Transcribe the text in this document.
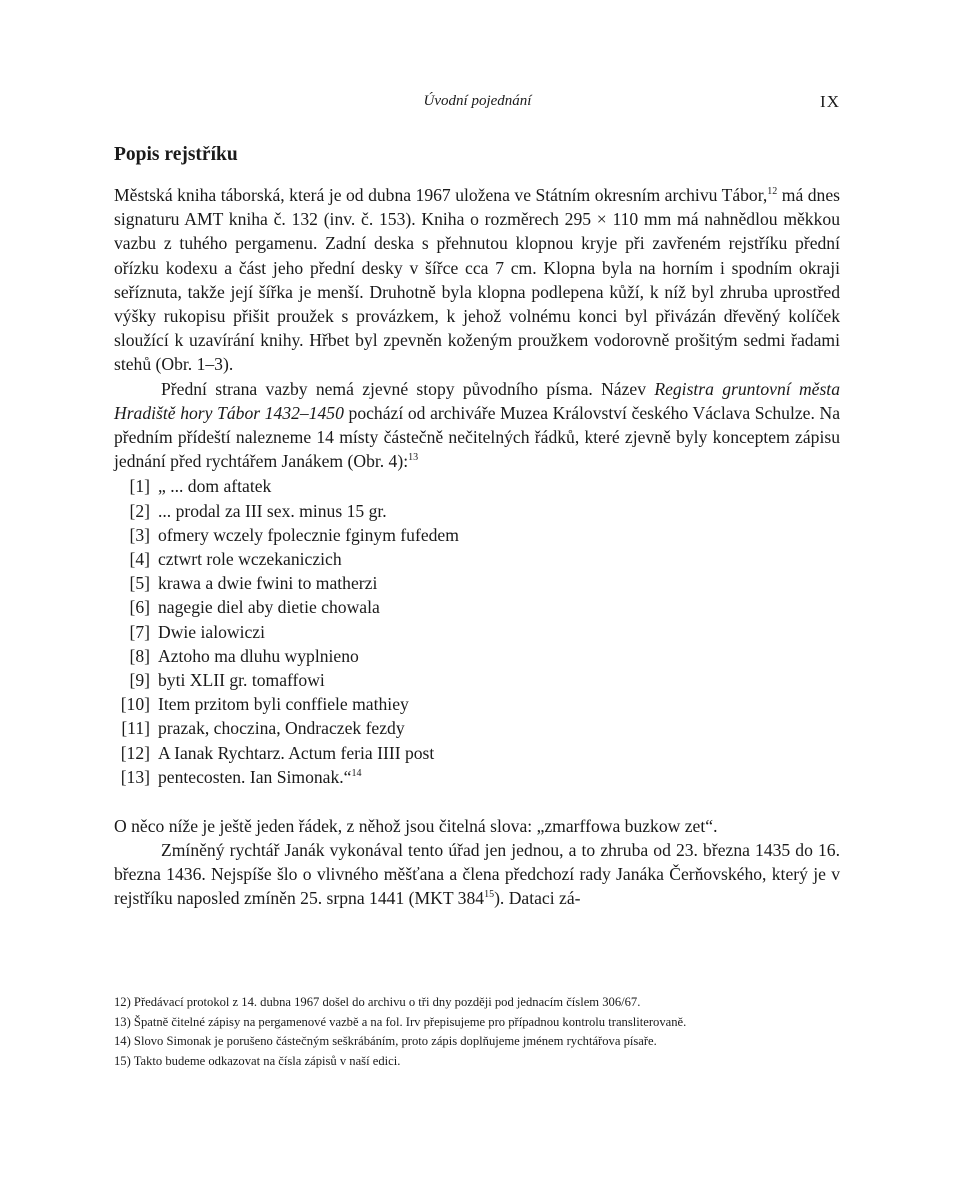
Úvodní pojednání	IX
Popis rejstříku

Městská kniha táborská, která je od dubna 1967 uložena ve Státním okresním archivu Tábor,$^{12}$ má dnes signaturu AMT kniha č. 132 (inv. č. 153). Kniha o rozměrech 295 × 110 mm má nahnědlou měkkou vazbu z tuhého pergamenu. Zadní deska s přehnutou klopnou kryje při zavřeném rejstříku přední ořízku kodexu a část jeho přední desky v šířce cca 7 cm. Klopna byla na horním i spodním okraji seříznuta, takže její šířka je menší. Druhotně byla klopna podlepena kůží, k níž byl zhruba uprostřed výšky rukopisu přišit proužek s provázkem, k jehož volnému konci byl přivázán dřevěný kolíček sloužící k uzavírání knihy. Hřbet byl zpevněn koženým proužkem vodorovně prošitým sedmi řadami stehů (Obr. 1–3).

Přední strana vazby nemá zjevné stopy původního písma. Název Registra gruntovní města Hradiště hory Tábor 1432–1450 pochází od archiváře Muzea Království českého Václava Schulze. Na předním přídeští nalezneme 14 místy částečně nečitelných řádků, které zjevně byly konceptem zápisu jednání před rychtářem Janákem (Obr. 4):$^{13}$

[1] „ ... dom aftatek
[2] ... prodal za III sex. minus 15 gr.
[3] ofmery wczely fpolecznie fginym fufedem
[4] cztwrt role wczekaniczich
[5] krawa a dwie fwini to matherzi
[6] nagegie diel aby dietie chowala
[7] Dwie ialowiczi
[8] Aztoho ma dluhu wyplnieno
[9] byti XLII gr. tomaffowi
[10] Item przitom byli conffiele mathiey
[11] prazak, choczina, Ondraczek fezdy
[12] A Ianak Rychtarz. Actum feria IIII post
[13] pentecosten. Ian Simonak.“$^{14}$

O něco níže je ještě jeden řádek, z něhož jsou čitelná slova: „zmarffowa buzkow zet“.

Zmíněný rychtář Janák vykonával tento úřad jen jednou, a to zhruba od 23. března 1435 do 16. března 1436. Nejspíše šlo o vlivného měšťana a člena předchozí rady Janáka Čerňovského, který je v rejstříku naposled zmíněn 25. srpna 1441 (MKT $384^{15}$). Dataci zá-

12) Předávací protokol z 14. dubna 1967 došel do archivu o tři dny později pod jednacím číslem 306/67.

13) Špatně čitelné zápisy na pergamenové vazbě a na fol. Irv přepisujeme pro případnou kontrolu transliterovaně.

14) Slovo Simonak je porušeno částečným seškrábáním, proto zápis doplňujeme jménem rychtářova písaře.

15) Takto budeme odkazovat na čísla zápisů v naší edici.
